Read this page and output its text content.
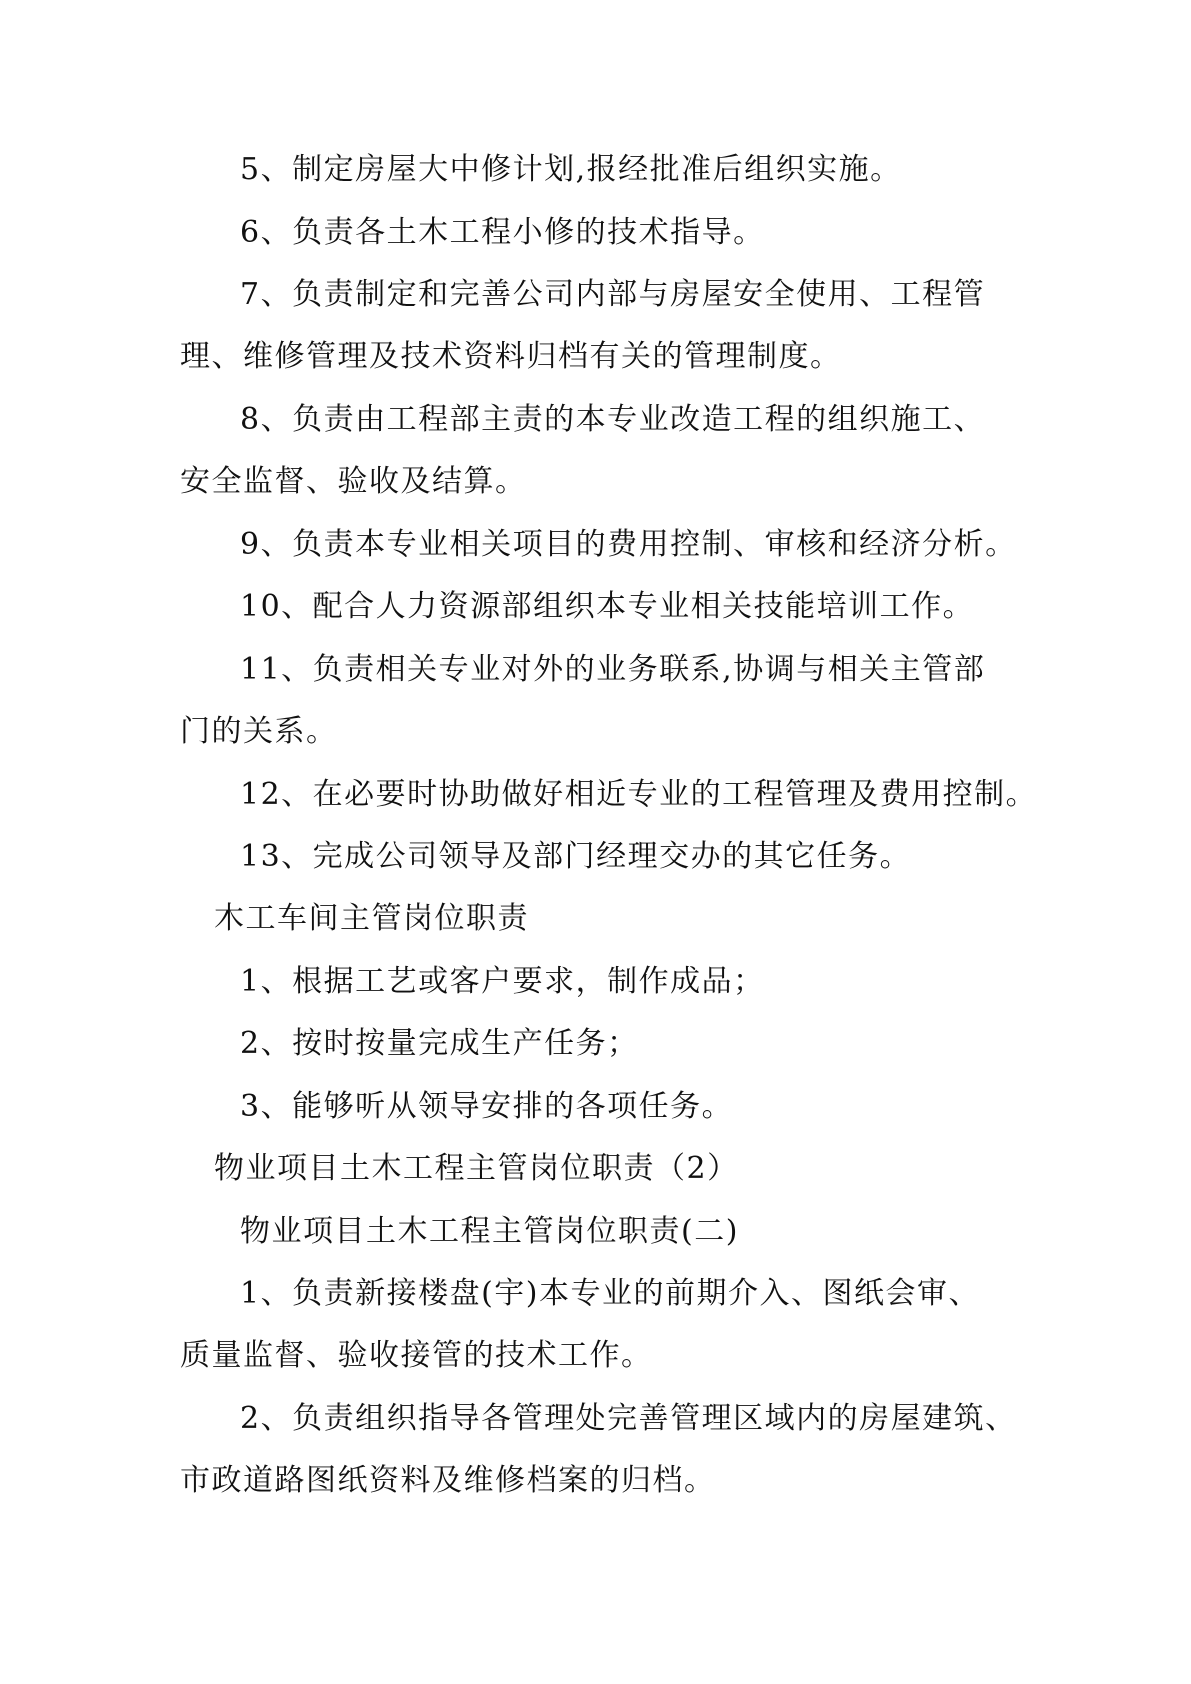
5、制定房屋大中修计划,报经批准后组织实施。

6、负责各土木工程小修的技术指导。

7、负责制定和完善公司内部与房屋安全使用、工程管

理、维修管理及技术资料归档有关的管理制度。

8、负责由工程部主责的本专业改造工程的组织施工、

安全监督、验收及结算。

9、负责本专业相关项目的费用控制、审核和经济分析。

10、配合人力资源部组织本专业相关技能培训工作。

11、负责相关专业对外的业务联系,协调与相关主管部

门的关系。

12、在必要时协助做好相近专业的工程管理及费用控制。

13、完成公司领导及部门经理交办的其它任务。

木工车间主管岗位职责

1、根据工艺或客户要求，制作成品；

2、按时按量完成生产任务；

3、能够听从领导安排的各项任务。

物业项目土木工程主管岗位职责（2）

物业项目土木工程主管岗位职责(二)

1、负责新接楼盘(宇)本专业的前期介入、图纸会审、

质量监督、验收接管的技术工作。

2、负责组织指导各管理处完善管理区域内的房屋建筑、

市政道路图纸资料及维修档案的归档。
